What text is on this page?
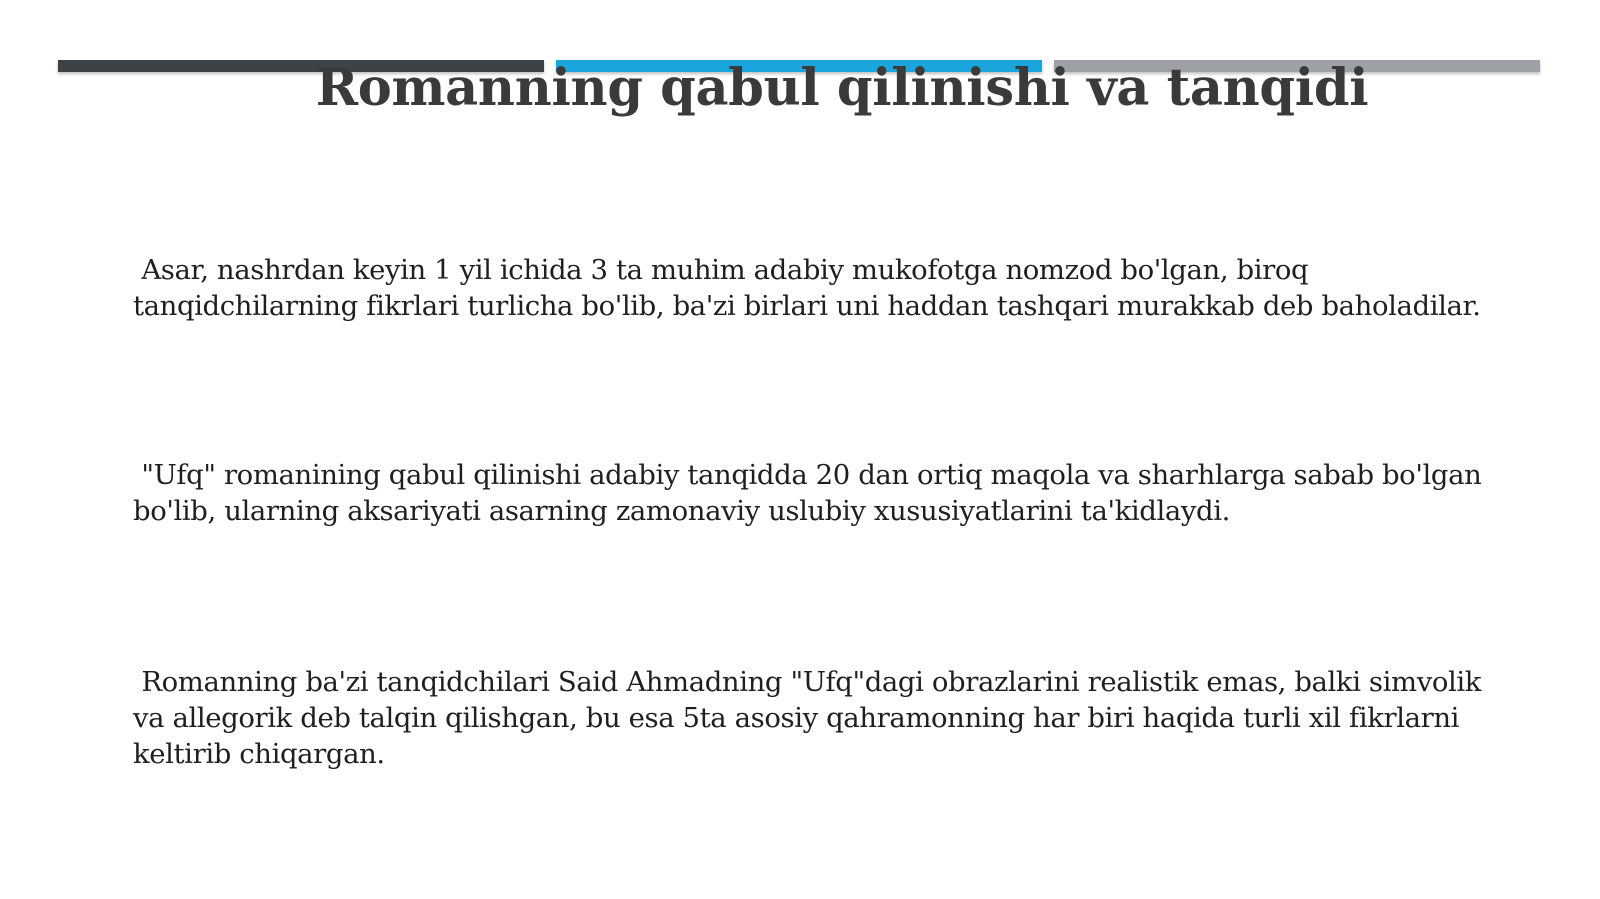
Romanning qabul qilinishi va tanqidi

Asar, nashrdan keyin 1 yil ichida 3 ta muhim adabiy mukofotga nomzod bo'lgan, biroq tanqidchilarning fikrlari turlicha bo'lib, ba'zi birlari uni haddan tashqari murakkab deb baholadilar.

"Ufq" romanining qabul qilinishi adabiy tanqidda 20 dan ortiq maqola va sharhlarga sabab bo'lgan bo'lib, ularning aksariyati asarning zamonaviy uslubiy xususiyatlarini ta'kidlaydi.

Romanning ba'zi tanqidchilari Said Ahmadning "Ufq"dagi obrazlarini realistik emas, balki simvolik va allegorik deb talqin qilishgan, bu esa 5ta asosiy qahramonning har biri haqida turli xil fikrlarni keltirib chiqargan.
